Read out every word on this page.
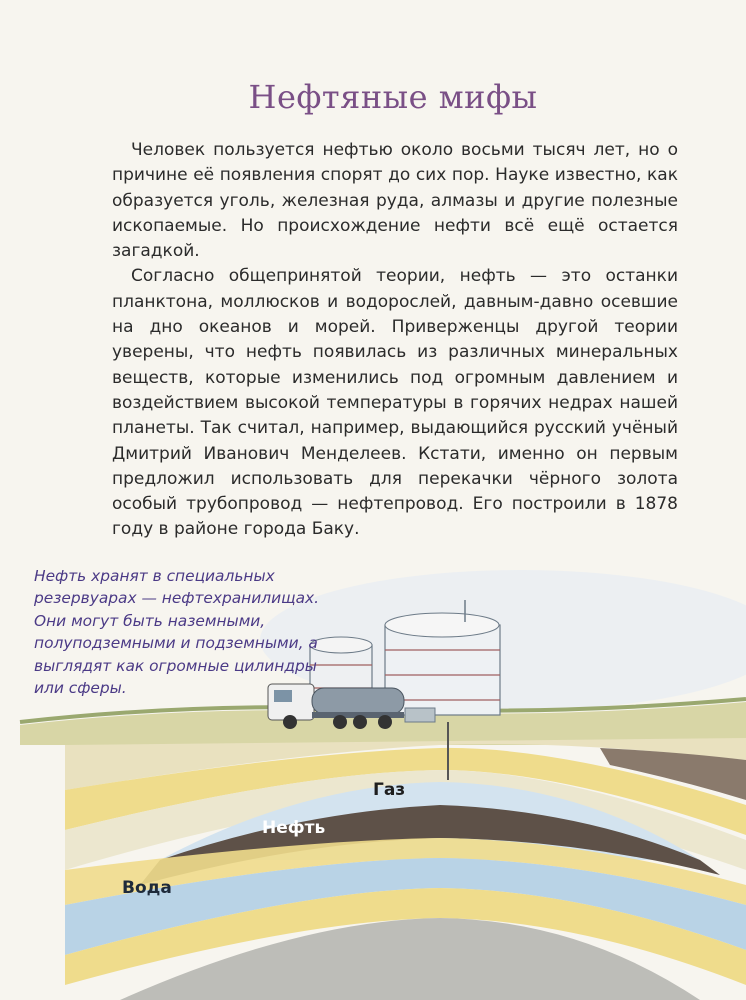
Нефтяные мифы

Человек пользуется нефтью около восьми тысяч лет, но о причине её появления спорят до сих пор. Науке известно, как образуется уголь, железная руда, алмазы и другие полезные ископаемые. Но происхождение нефти всё ещё остается загадкой.

Согласно общепринятой теории, нефть — это останки планктона, моллюсков и водорослей, давным-давно осевшие на дно океанов и морей. Приверженцы другой теории уверены, что нефть появилась из различных минеральных веществ, которые изменились под огромным давлением и воздействием высокой температуры в горячих недрах нашей планеты. Так считал, например, выдающийся русский учёный Дмитрий Иванович Менделеев. Кстати, именно он первым предложил использовать для перекачки чёрного золота особый трубопровод — нефтепровод. Его построили в 1878 году в районе города Баку.

Газ
Нефть
Вода

Нефть хранят в специальных резервуарах — нефтехранилищах. Они могут быть наземными, полуподземными и подземными, а выглядят как огромные цилиндры или сферы.
